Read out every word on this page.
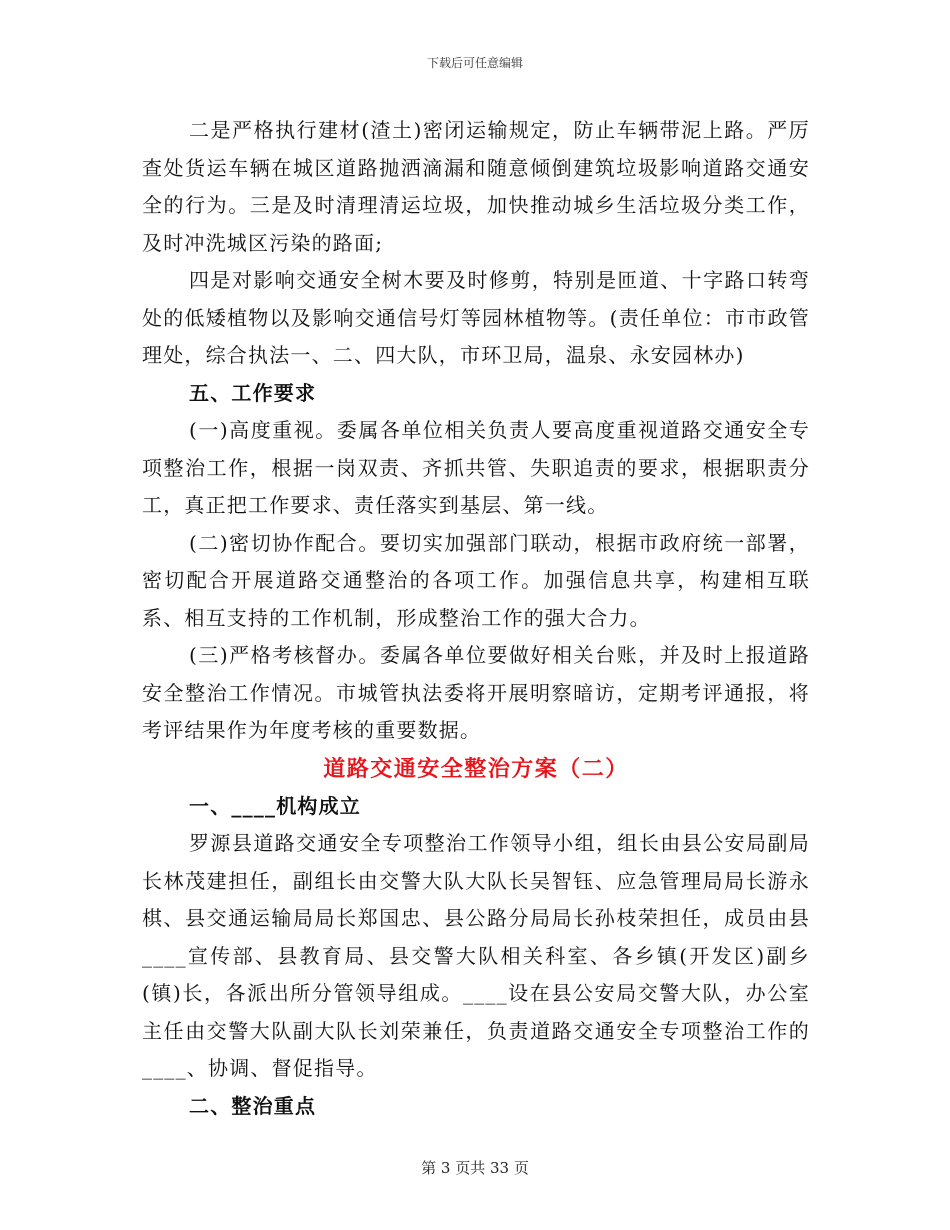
下载后可任意编辑

二是严格执行建材(渣土)密闭运输规定，防止车辆带泥上路。严厉查处货运车辆在城区道路抛洒滴漏和随意倾倒建筑垃圾影响道路交通安全的行为。三是及时清理清运垃圾，加快推动城乡生活垃圾分类工作，及时冲洗城区污染的路面;

四是对影响交通安全树木要及时修剪，特别是匝道、十字路口转弯处的低矮植物以及影响交通信号灯等园林植物等。(责任单位：市市政管理处，综合执法一、二、四大队，市环卫局，温泉、永安园林办)

五、工作要求

(一)高度重视。委属各单位相关负责人要高度重视道路交通安全专项整治工作，根据一岗双责、齐抓共管、失职追责的要求，根据职责分工，真正把工作要求、责任落实到基层、第一线。

(二)密切协作配合。要切实加强部门联动，根据市政府统一部署，密切配合开展道路交通整治的各项工作。加强信息共享，构建相互联系、相互支持的工作机制，形成整治工作的强大合力。

(三)严格考核督办。委属各单位要做好相关台账，并及时上报道路安全整治工作情况。市城管执法委将开展明察暗访，定期考评通报，将考评结果作为年度考核的重要数据。

道路交通安全整治方案（二）

一、____机构成立

罗源县道路交通安全专项整治工作领导小组，组长由县公安局副局长林茂建担任，副组长由交警大队大队长吴智钰、应急管理局局长游永棋、县交通运输局局长郑国忠、县公路分局局长孙枝荣担任，成员由县____宣传部、县教育局、县交警大队相关科室、各乡镇(开发区)副乡(镇)长，各派出所分管领导组成。____设在县公安局交警大队，办公室主任由交警大队副大队长刘荣兼任，负责道路交通安全专项整治工作的____、协调、督促指导。

二、整治重点

第 3 页共 33 页
